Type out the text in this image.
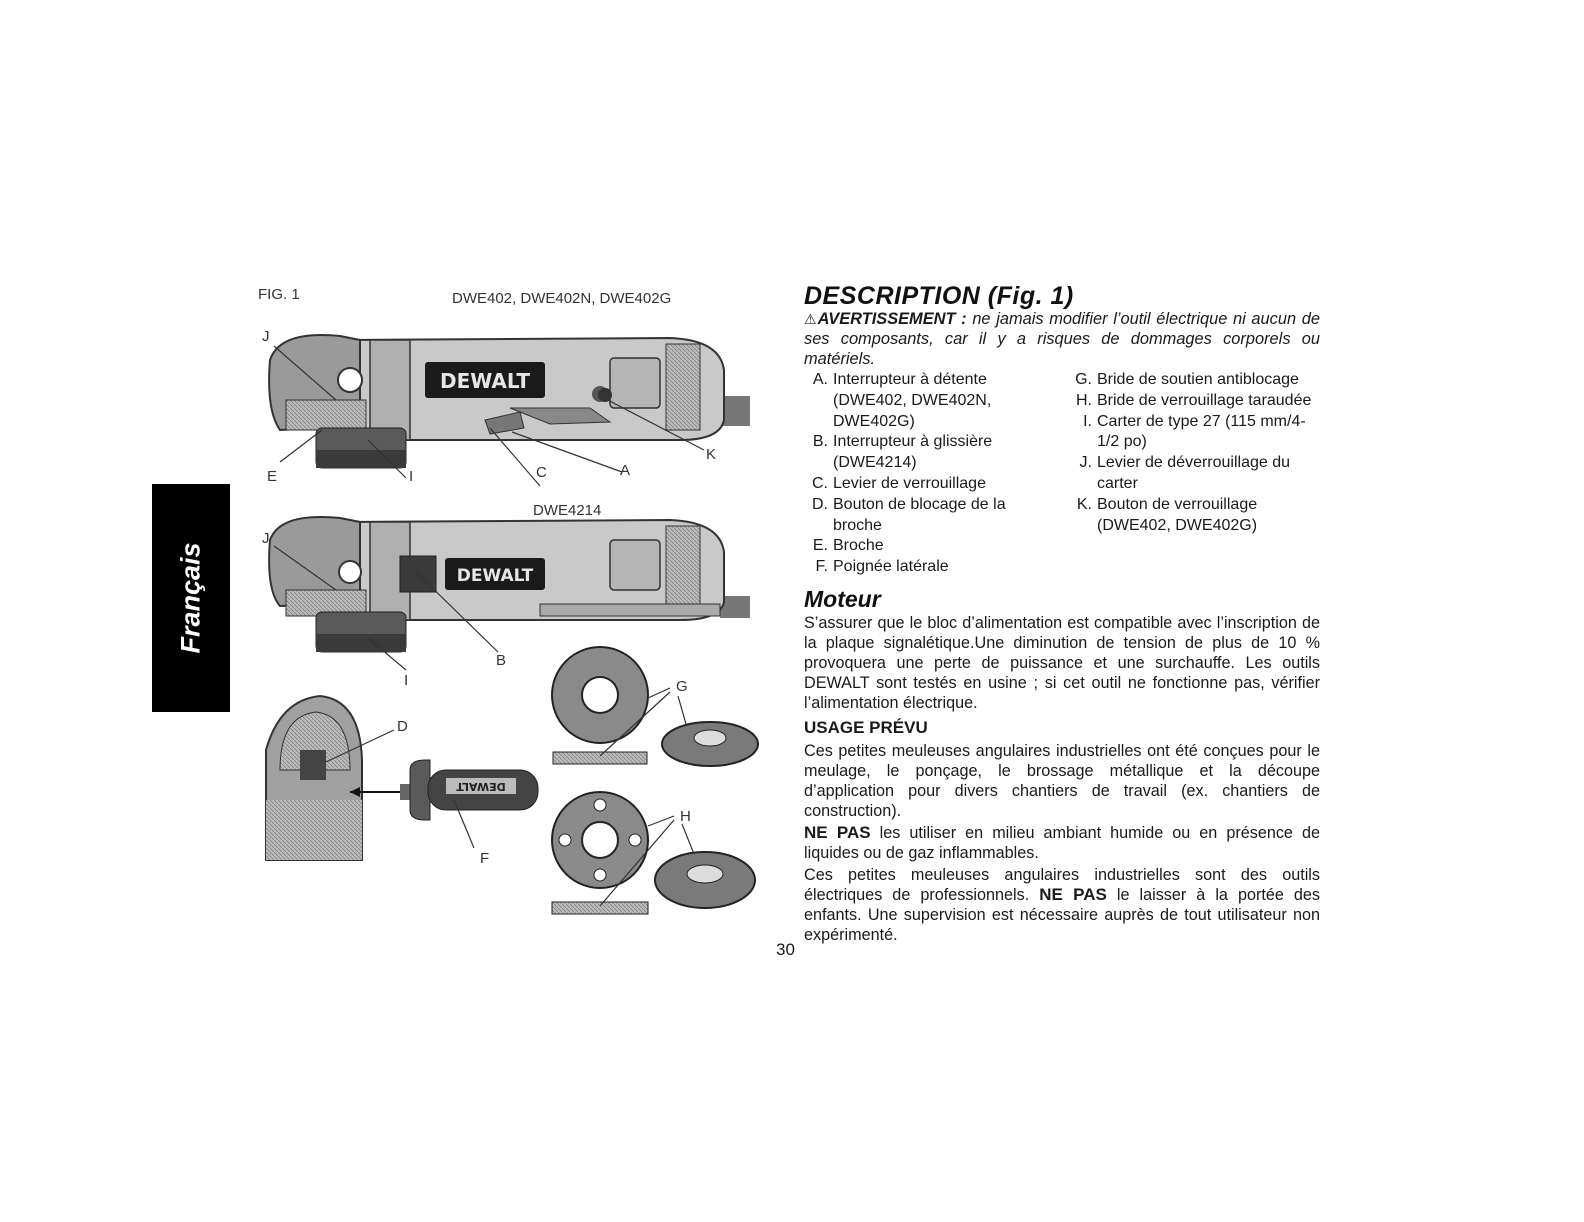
Français
FIG. 1	DWE402, DWE402N, DWE402G
DWE4214
DEWALT
DEWALT
DEWALT
J
E	I	C	A
K
J
B
I
D
G
F
H
DESCRIPTION (Fig. 1)
⚠AVERTISSEMENT : ne jamais modifier l’outil électrique ni aucun de ses composants, car il y a risques de dommages corporels ou matériels.
A. Interrupteur à détente (DWE402, DWE402N, DWE402G)
B. Interrupteur à glissière (DWE4214)
C. Levier de verrouillage
D. Bouton de blocage de la broche
E. Broche
F. Poignée latérale
G. Bride de soutien antiblocage
H. Bride de verrouillage taraudée
I. Carter de type 27 (115 mm/4-1/2 po)
J. Levier de déverrouillage du carter
K. Bouton de verrouillage (DWE402, DWE402G)
Moteur
S’assurer que le bloc d’alimentation est compatible avec l’inscription de la plaque signalétique.Une diminution de tension de plus de 10 % provoquera une perte de puissance et une surchauffe. Les outils DEWALT sont testés en usine ; si cet outil ne fonctionne pas, vérifier l’alimentation électrique.
USAGE PRÉVU
Ces petites meuleuses angulaires industrielles ont été conçues pour le meulage, le ponçage, le brossage métallique et la découpe d’application pour divers chantiers de travail (ex. chantiers de construction).
NE PAS les utiliser en milieu ambiant humide ou en présence de liquides ou de gaz inflammables.
Ces petites meuleuses angulaires industrielles sont des outils électriques de professionnels. NE PAS le laisser à la portée des enfants. Une supervision est nécessaire auprès de tout utilisateur non expérimenté.
30
